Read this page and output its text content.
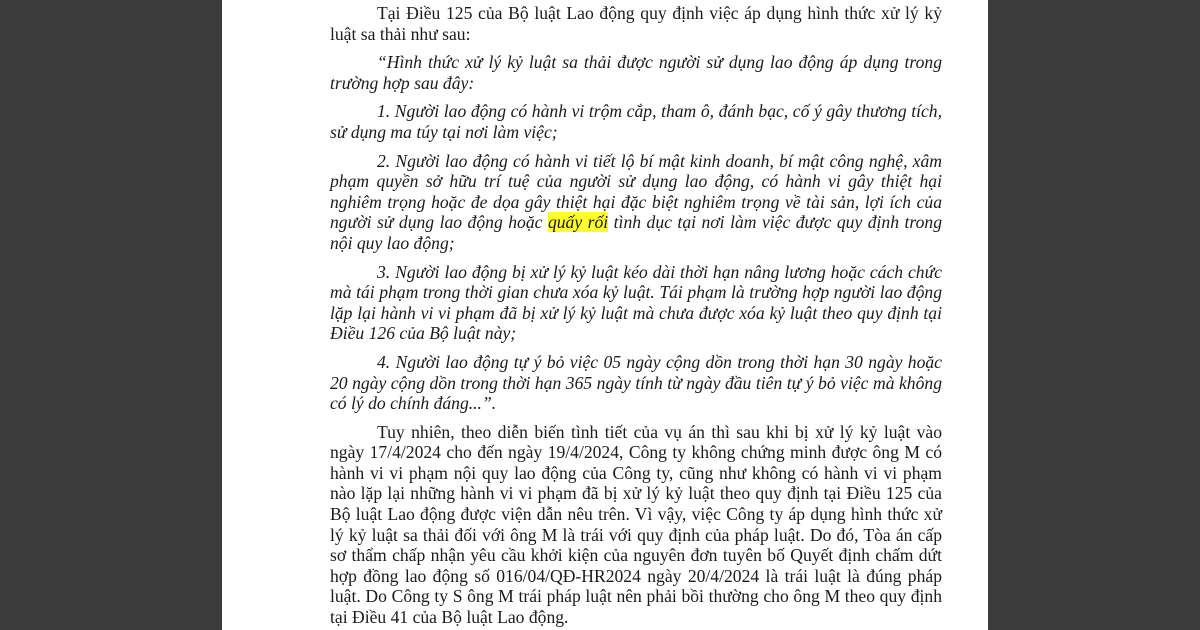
Tại Điều 125 của Bộ luật Lao động quy định việc áp dụng hình thức xử lý kỷ luật sa thải như sau:

“Hình thức xử lý kỷ luật sa thải được người sử dụng lao động áp dụng trong trường hợp sau đây:

1. Người lao động có hành vi trộm cắp, tham ô, đánh bạc, cố ý gây thương tích, sử dụng ma túy tại nơi làm việc;

2. Người lao động có hành vi tiết lộ bí mật kinh doanh, bí mật công nghệ, xâm phạm quyền sở hữu trí tuệ của người sử dụng lao động, có hành vi gây thiệt hại nghiêm trọng hoặc đe dọa gây thiệt hại đặc biệt nghiêm trọng về tài sản, lợi ích của người sử dụng lao động hoặc quấy rối tình dục tại nơi làm việc được quy định trong nội quy lao động;

3. Người lao động bị xử lý kỷ luật kéo dài thời hạn nâng lương hoặc cách chức mà tái phạm trong thời gian chưa xóa kỷ luật. Tái phạm là trường hợp người lao động lặp lại hành vi vi phạm đã bị xử lý kỷ luật mà chưa được xóa kỷ luật theo quy định tại Điều 126 của Bộ luật này;

4. Người lao động tự ý bỏ việc 05 ngày cộng dồn trong thời hạn 30 ngày hoặc 20 ngày cộng dồn trong thời hạn 365 ngày tính từ ngày đầu tiên tự ý bỏ việc mà không có lý do chính đáng...”.

Tuy nhiên, theo diễn biến tình tiết của vụ án thì sau khi bị xử lý kỷ luật vào ngày 17/4/2024 cho đến ngày 19/4/2024, Công ty không chứng minh được ông M có hành vi vi phạm nội quy lao động của Công ty, cũng như không có hành vi vi phạm nào lặp lại những hành vi vi phạm đã bị xử lý kỷ luật theo quy định tại Điều 125 của Bộ luật Lao động được viện dẫn nêu trên. Vì vậy, việc Công ty áp dụng hình thức xử lý kỷ luật sa thải đối với ông M là trái với quy định của pháp luật. Do đó, Tòa án cấp sơ thẩm chấp nhận yêu cầu khởi kiện của nguyên đơn tuyên bố Quyết định chấm dứt hợp đồng lao động số 016/04/QĐ-HR2024 ngày 20/4/2024 là trái luật là đúng pháp luật. Do Công ty S ông M trái pháp luật nên phải bồi thường cho ông M theo quy định tại Điều 41 của Bộ luật Lao động.
